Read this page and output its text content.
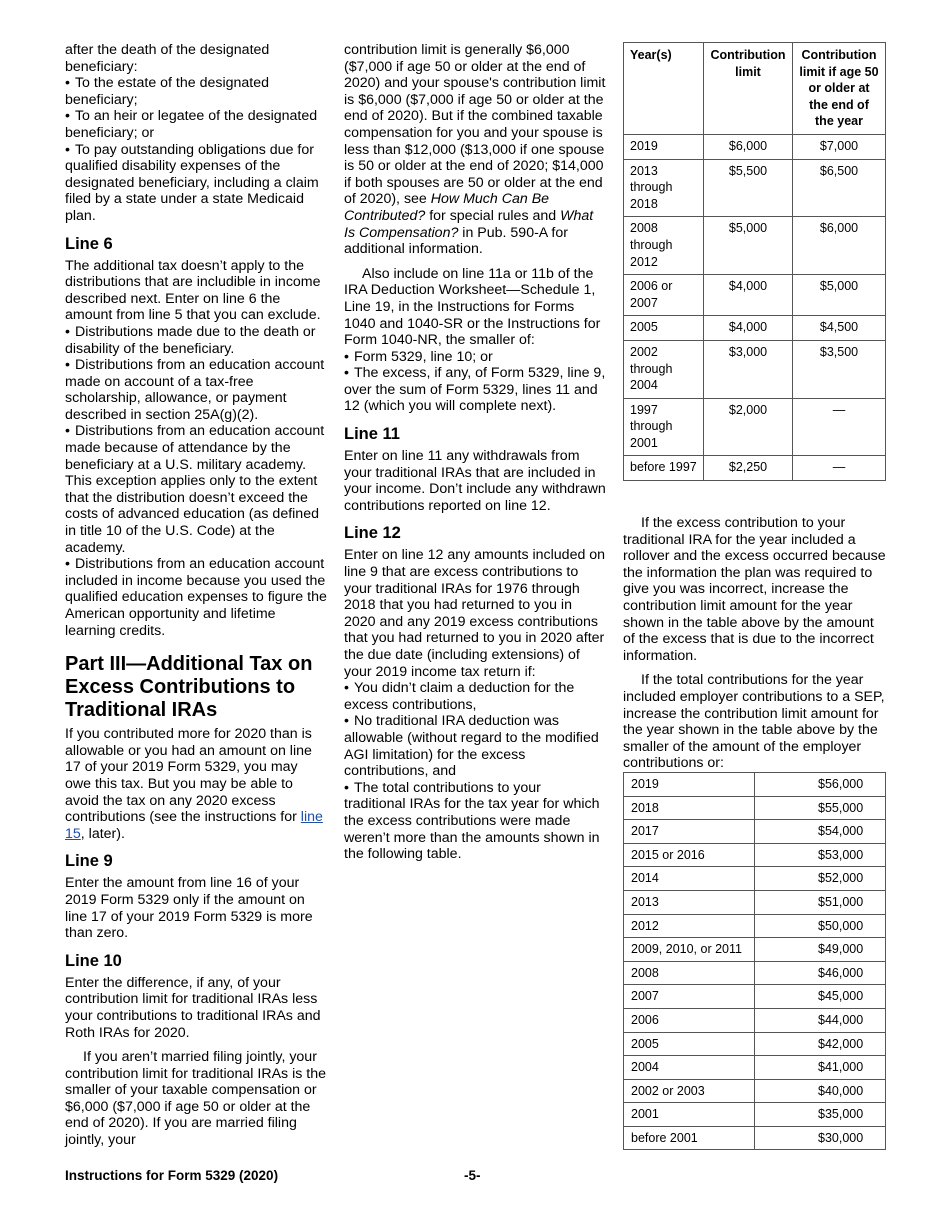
after the death of the designated beneficiary:

• To the estate of the designated beneficiary;
• To an heir or legatee of the designated beneficiary; or
• To pay outstanding obligations due for qualified disability expenses of the designated beneficiary, including a claim filed by a state under a state Medicaid plan.
Line 6

The additional tax doesn’t apply to the distributions that are includible in income described next. Enter on line 6 the amount from line 5 that you can exclude.

• Distributions made due to the death or disability of the beneficiary.
• Distributions from an education account made on account of a tax-free scholarship, allowance, or payment described in section 25A(g)(2).
• Distributions from an education account made because of attendance by the beneficiary at a U.S. military academy. This exception applies only to the extent that the distribution doesn’t exceed the costs of advanced education (as defined in title 10 of the U.S. Code) at the academy.
• Distributions from an education account included in income because you used the qualified education expenses to figure the American opportunity and lifetime learning credits.
Part III—Additional Tax on Excess Contributions to Traditional IRAs

If you contributed more for 2020 than is allowable or you had an amount on line 17 of your 2019 Form 5329, you may owe this tax. But you may be able to avoid the tax on any 2020 excess contributions (see the instructions for line 15, later).

Line 9

Enter the amount from line 16 of your 2019 Form 5329 only if the amount on line 17 of your 2019 Form 5329 is more than zero.

Line 10

Enter the difference, if any, of your contribution limit for traditional IRAs less your contributions to traditional IRAs and Roth IRAs for 2020.

If you aren’t married filing jointly, your contribution limit for traditional IRAs is the smaller of your taxable compensation or $6,000 ($7,000 if age 50 or older at the end of 2020). If you are married filing jointly, your

contribution limit is generally $6,000 ($7,000 if age 50 or older at the end of 2020) and your spouse's contribution limit is $6,000 ($7,000 if age 50 or older at the end of 2020). But if the combined taxable compensation for you and your spouse is less than $12,000 ($13,000 if one spouse is 50 or older at the end of 2020; $14,000 if both spouses are 50 or older at the end of 2020), see How Much Can Be Contributed? for special rules and What Is Compensation? in Pub. 590-A for additional information.

Also include on line 11a or 11b of the IRA Deduction Worksheet—Schedule 1, Line 19, in the Instructions for Forms 1040 and 1040-SR or the Instructions for Form 1040-NR, the smaller of:

• Form 5329, line 10; or
• The excess, if any, of Form 5329, line 9, over the sum of Form 5329, lines 11 and 12 (which you will complete next).
Line 11

Enter on line 11 any withdrawals from your traditional IRAs that are included in your income. Don’t include any withdrawn contributions reported on line 12.

Line 12

Enter on line 12 any amounts included on line 9 that are excess contributions to your traditional IRAs for 1976 through 2018 that you had returned to you in 2020 and any 2019 excess contributions that you had returned to you in 2020 after the due date (including extensions) of your 2019 income tax return if:

• You didn’t claim a deduction for the excess contributions,
• No traditional IRA deduction was allowable (without regard to the modified AGI limitation) for the excess contributions, and
• The total contributions to your traditional IRAs for the tax year for which the excess contributions were made weren’t more than the amounts shown in the following table.
Year(s)	Contribution limit	Contribution limit if age 50 or older at the end of the year
2019	$6,000	$7,000
2013 through 2018	$5,500	$6,500
2008 through 2012	$5,000	$6,000
2006 or 2007	$4,000	$5,000
2005	$4,000	$4,500
2002 through 2004	$3,000	$3,500
1997 through 2001	$2,000	—
before 1997	$2,250	—

If the excess contribution to your traditional IRA for the year included a rollover and the excess occurred because the information the plan was required to give you was incorrect, increase the contribution limit amount for the year shown in the table above by the amount of the excess that is due to the incorrect information.

If the total contributions for the year included employer contributions to a SEP, increase the contribution limit amount for the year shown in the table above by the smaller of the amount of the employer contributions or:

2019	$56,000
2018	$55,000
2017	$54,000
2015 or 2016	$53,000
2014	$52,000
2013	$51,000
2012	$50,000
2009, 2010, or 2011	$49,000
2008	$46,000
2007	$45,000
2006	$44,000
2005	$42,000
2004	$41,000
2002 or 2003	$40,000
2001	$35,000
before 2001	$30,000
Instructions for Form 5329 (2020)	-5-
